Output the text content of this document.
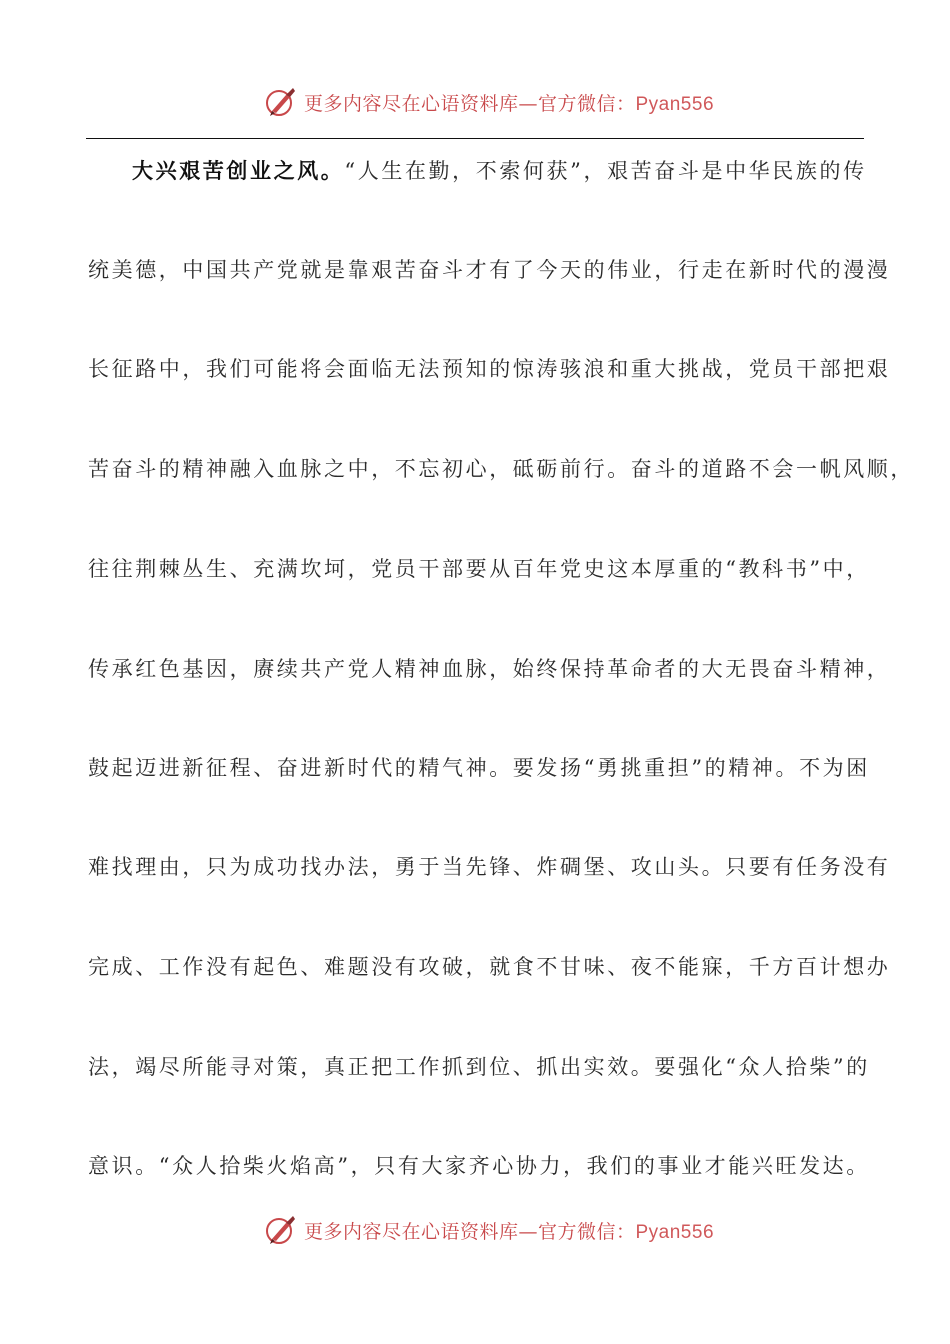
更多内容尽在心语资料库—官方微信：Pyan556
大兴艰苦创业之风。“人生在勤，不索何获”，艰苦奋斗是中华民族的传
统美德，中国共产党就是靠艰苦奋斗才有了今天的伟业，行走在新时代的漫漫
长征路中，我们可能将会面临无法预知的惊涛骇浪和重大挑战，党员干部把艰
苦奋斗的精神融入血脉之中，不忘初心，砥砺前行。奋斗的道路不会一帆风顺，
往往荆棘丛生、充满坎坷，党员干部要从百年党史这本厚重的“教科书”中，
传承红色基因，赓续共产党人精神血脉，始终保持革命者的大无畏奋斗精神，
鼓起迈进新征程、奋进新时代的精气神。要发扬“勇挑重担”的精神。不为困
难找理由，只为成功找办法，勇于当先锋、炸碉堡、攻山头。只要有任务没有
完成、工作没有起色、难题没有攻破，就食不甘味、夜不能寐，千方百计想办
法，竭尽所能寻对策，真正把工作抓到位、抓出实效。要强化“众人拾柴”的
意识。“众人拾柴火焰高”，只有大家齐心协力，我们的事业才能兴旺发达。
更多内容尽在心语资料库—官方微信：Pyan556
